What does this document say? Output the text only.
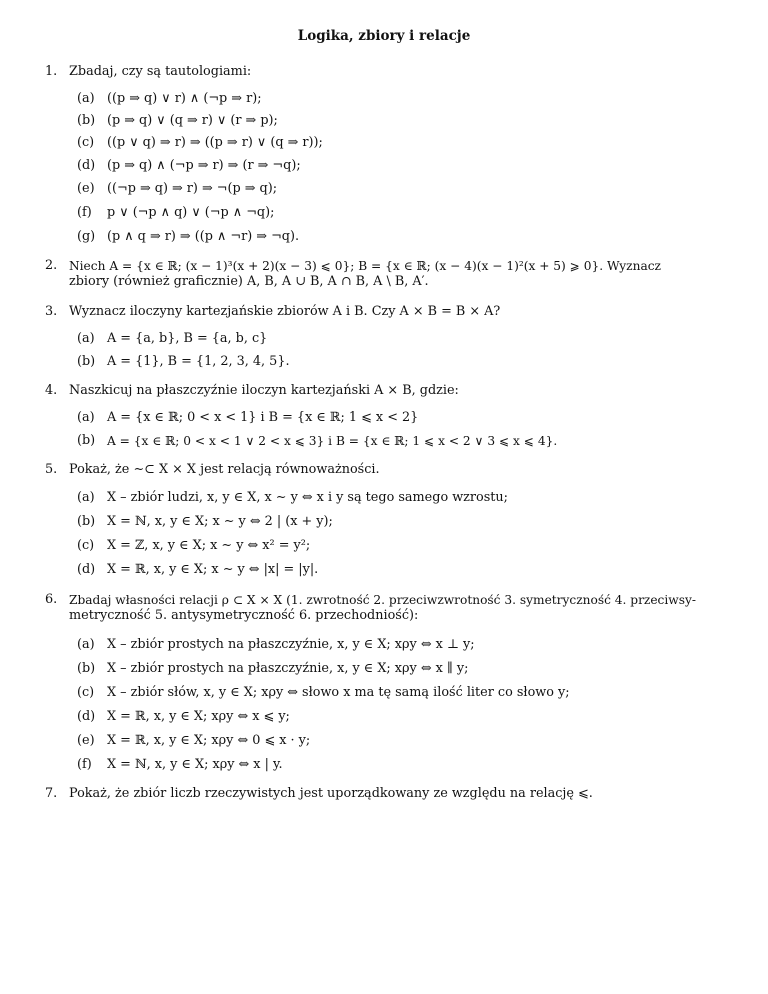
Logika, zbiory i relacje
1. Zbadaj, czy są tautologiami:
(a) ((p ⇒ q) ∨ r) ∧ (¬p ⇒ r);
(b) (p ⇒ q) ∨ (q ⇒ r) ∨ (r ⇒ p);
(c) ((p ∨ q) ⇒ r) ⇒ ((p ⇒ r) ∨ (q ⇒ r));
(d) (p ⇒ q) ∧ (¬p ⇒ r) ⇒ (r ⇒ ¬q);
(e) ((¬p ⇒ q) ⇒ r) ⇒ ¬(p ⇒ q);
(f) p ∨ (¬p ∧ q) ∨ (¬p ∧ ¬q);
(g) (p ∧ q ⇒ r) ⇒ ((p ∧ ¬r) ⇒ ¬q).
2. Niech A = {x ∈ ℝ; (x − 1)³(x + 2)(x − 3) ⩽ 0}; B = {x ∈ ℝ; (x − 4)(x − 1)²(x + 5) ⩾ 0}. Wyznacz
zbiory (również graficznie) A, B, A ∪ B, A ∩ B, A \ B, A′.
3. Wyznacz iloczyny kartezjańskie zbiorów A i B. Czy A × B = B × A?
(a) A = {a, b}, B = {a, b, c}
(b) A = {1}, B = {1, 2, 3, 4, 5}.
4. Naszkicuj na płaszczyźnie iloczyn kartezjański A × B, gdzie:
(a) A = {x ∈ ℝ; 0 < x < 1} i B = {x ∈ ℝ; 1 ⩽ x < 2}
(b) A = {x ∈ ℝ; 0 < x < 1 ∨ 2 < x ⩽ 3} i B = {x ∈ ℝ; 1 ⩽ x < 2 ∨ 3 ⩽ x ⩽ 4}.
5. Pokaż, że ∼⊂ X × X jest relacją równoważności.
(a) X – zbiór ludzi, x, y ∈ X, x ∼ y ⇔ x i y są tego samego wzrostu;
(b) X = ℕ, x, y ∈ X; x ∼ y ⇔ 2 | (x + y);
(c) X = ℤ, x, y ∈ X; x ∼ y ⇔ x² = y²;
(d) X = ℝ, x, y ∈ X; x ∼ y ⇔ |x| = |y|.
6. Zbadaj własności relacji ρ ⊂ X × X (1. zwrotność 2. przeciwzwrotność 3. symetryczność 4. przeciwsy-
metryczność 5. antysymetryczność 6. przechodniość):
(a) X – zbiór prostych na płaszczyźnie, x, y ∈ X; xρy ⇔ x ⊥ y;
(b) X – zbiór prostych na płaszczyźnie, x, y ∈ X; xρy ⇔ x ∥ y;
(c) X – zbiór słów, x, y ∈ X; xρy ⇔ słowo x ma tę samą ilość liter co słowo y;
(d) X = ℝ, x, y ∈ X; xρy ⇔ x ⩽ y;
(e) X = ℝ, x, y ∈ X; xρy ⇔ 0 ⩽ x · y;
(f) X = ℕ, x, y ∈ X; xρy ⇔ x | y.
7. Pokaż, że zbiór liczb rzeczywistych jest uporządkowany ze względu na relację ⩽.
